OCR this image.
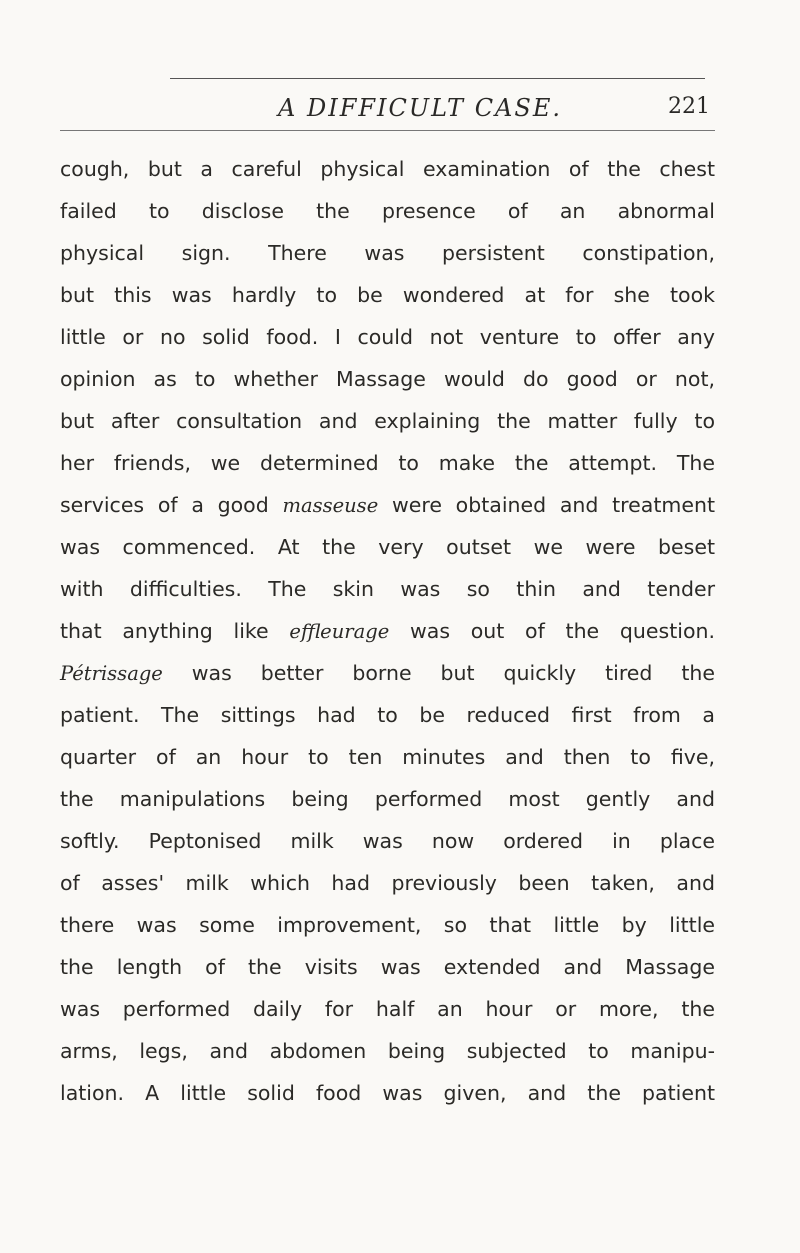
A DIFFICULT CASE.	221
cough, but a careful physical examination of the chest
failed to disclose the presence of an abnormal
physical sign. There was persistent constipation,
but this was hardly to be wondered at for she took
little or no solid food. I could not venture to offer any
opinion as to whether Massage would do good or not,
but after consultation and explaining the matter fully to
her friends, we determined to make the attempt. The
services of a good masseuse were obtained and treatment
was commenced. At the very outset we were beset
with difficulties. The skin was so thin and tender
that anything like effleurage was out of the question.
Pétrissage was better borne but quickly tired the
patient. The sittings had to be reduced first from a
quarter of an hour to ten minutes and then to five,
the manipulations being performed most gently and
softly. Peptonised milk was now ordered in place
of asses' milk which had previously been taken, and
there was some improvement, so that little by little
the length of the visits was extended and Massage
was performed daily for half an hour or more, the
arms, legs, and abdomen being subjected to manipu-
lation. A little solid food was given, and the patient
